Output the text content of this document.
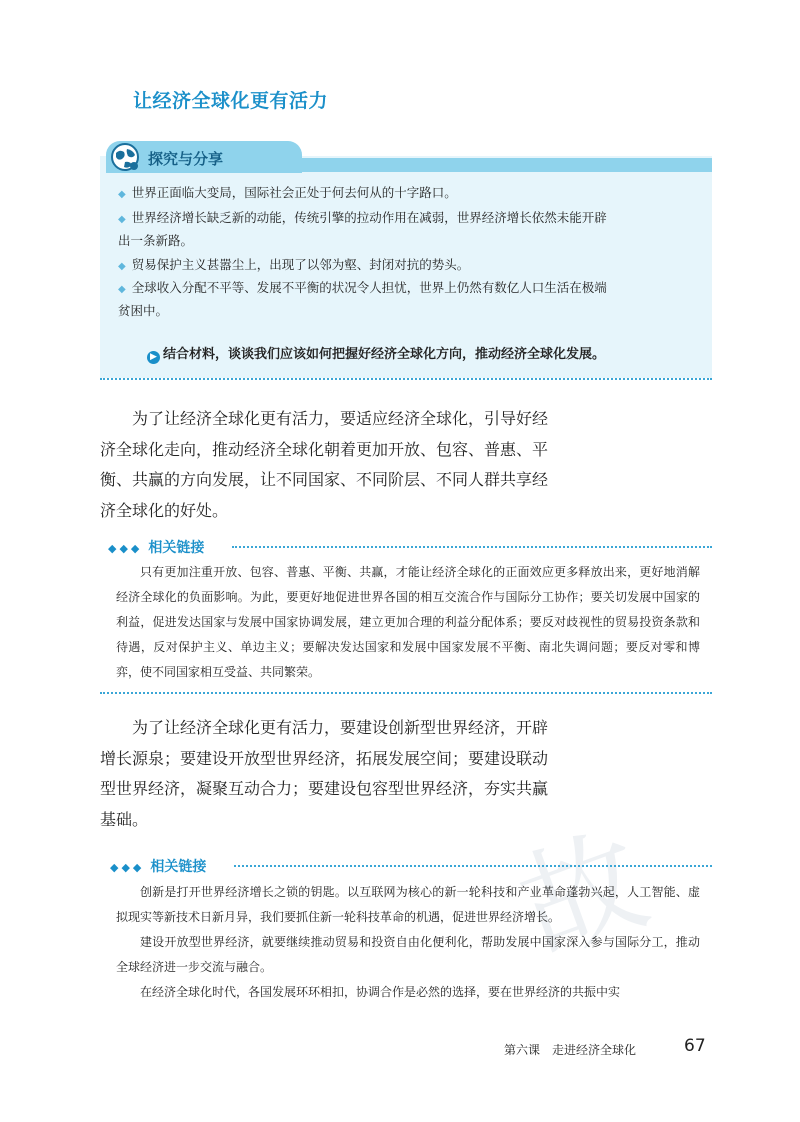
故
让经济全球化更有活力
探究与分享
◆ 世界正面临大变局，国际社会正处于何去何从的十字路口。
◆ 世界经济增长缺乏新的动能，传统引擎的拉动作用在减弱，世界经济增长依然未能开辟
出一条新路。
◆ 贸易保护主义甚嚣尘上，出现了以邻为壑、封闭对抗的势头。
◆ 全球收入分配不平等、发展不平衡的状况令人担忧，世界上仍然有数亿人口生活在极端
贫困中。
▶ 结合材料，谈谈我们应该如何把握好经济全球化方向，推动经济全球化发展。

为了让经济全球化更有活力，要适应经济全球化，引导好经济全球化走向，推动经济全球化朝着更加开放、包容、普惠、平衡、共赢的方向发展，让不同国家、不同阶层、不同人群共享经济全球化的好处。

◆◆◆ 相关链接

只有更加注重开放、包容、普惠、平衡、共赢，才能让经济全球化的正面效应更多释放出来，更好地消解经济全球化的负面影响。为此，要更好地促进世界各国的相互交流合作与国际分工协作；要关切发展中国家的利益，促进发达国家与发展中国家协调发展，建立更加合理的利益分配体系；要反对歧视性的贸易投资条款和待遇，反对保护主义、单边主义；要解决发达国家和发展中国家发展不平衡、南北失调问题；要反对零和博弈，使不同国家相互受益、共同繁荣。

为了让经济全球化更有活力，要建设创新型世界经济，开辟增长源泉；要建设开放型世界经济，拓展发展空间；要建设联动型世界经济，凝聚互动合力；要建设包容型世界经济，夯实共赢基础。

◆◆◆ 相关链接

创新是打开世界经济增长之锁的钥匙。以互联网为核心的新一轮科技和产业革命蓬勃兴起，人工智能、虚拟现实等新技术日新月异，我们要抓住新一轮科技革命的机遇，促进世界经济增长。

建设开放型世界经济，就要继续推动贸易和投资自由化便利化，帮助发展中国家深入参与国际分工，推动全球经济进一步交流与融合。

在经济全球化时代，各国发展环环相扣，协调合作是必然的选择，要在世界经济的共振中实

第六课　走进经济全球化	67
